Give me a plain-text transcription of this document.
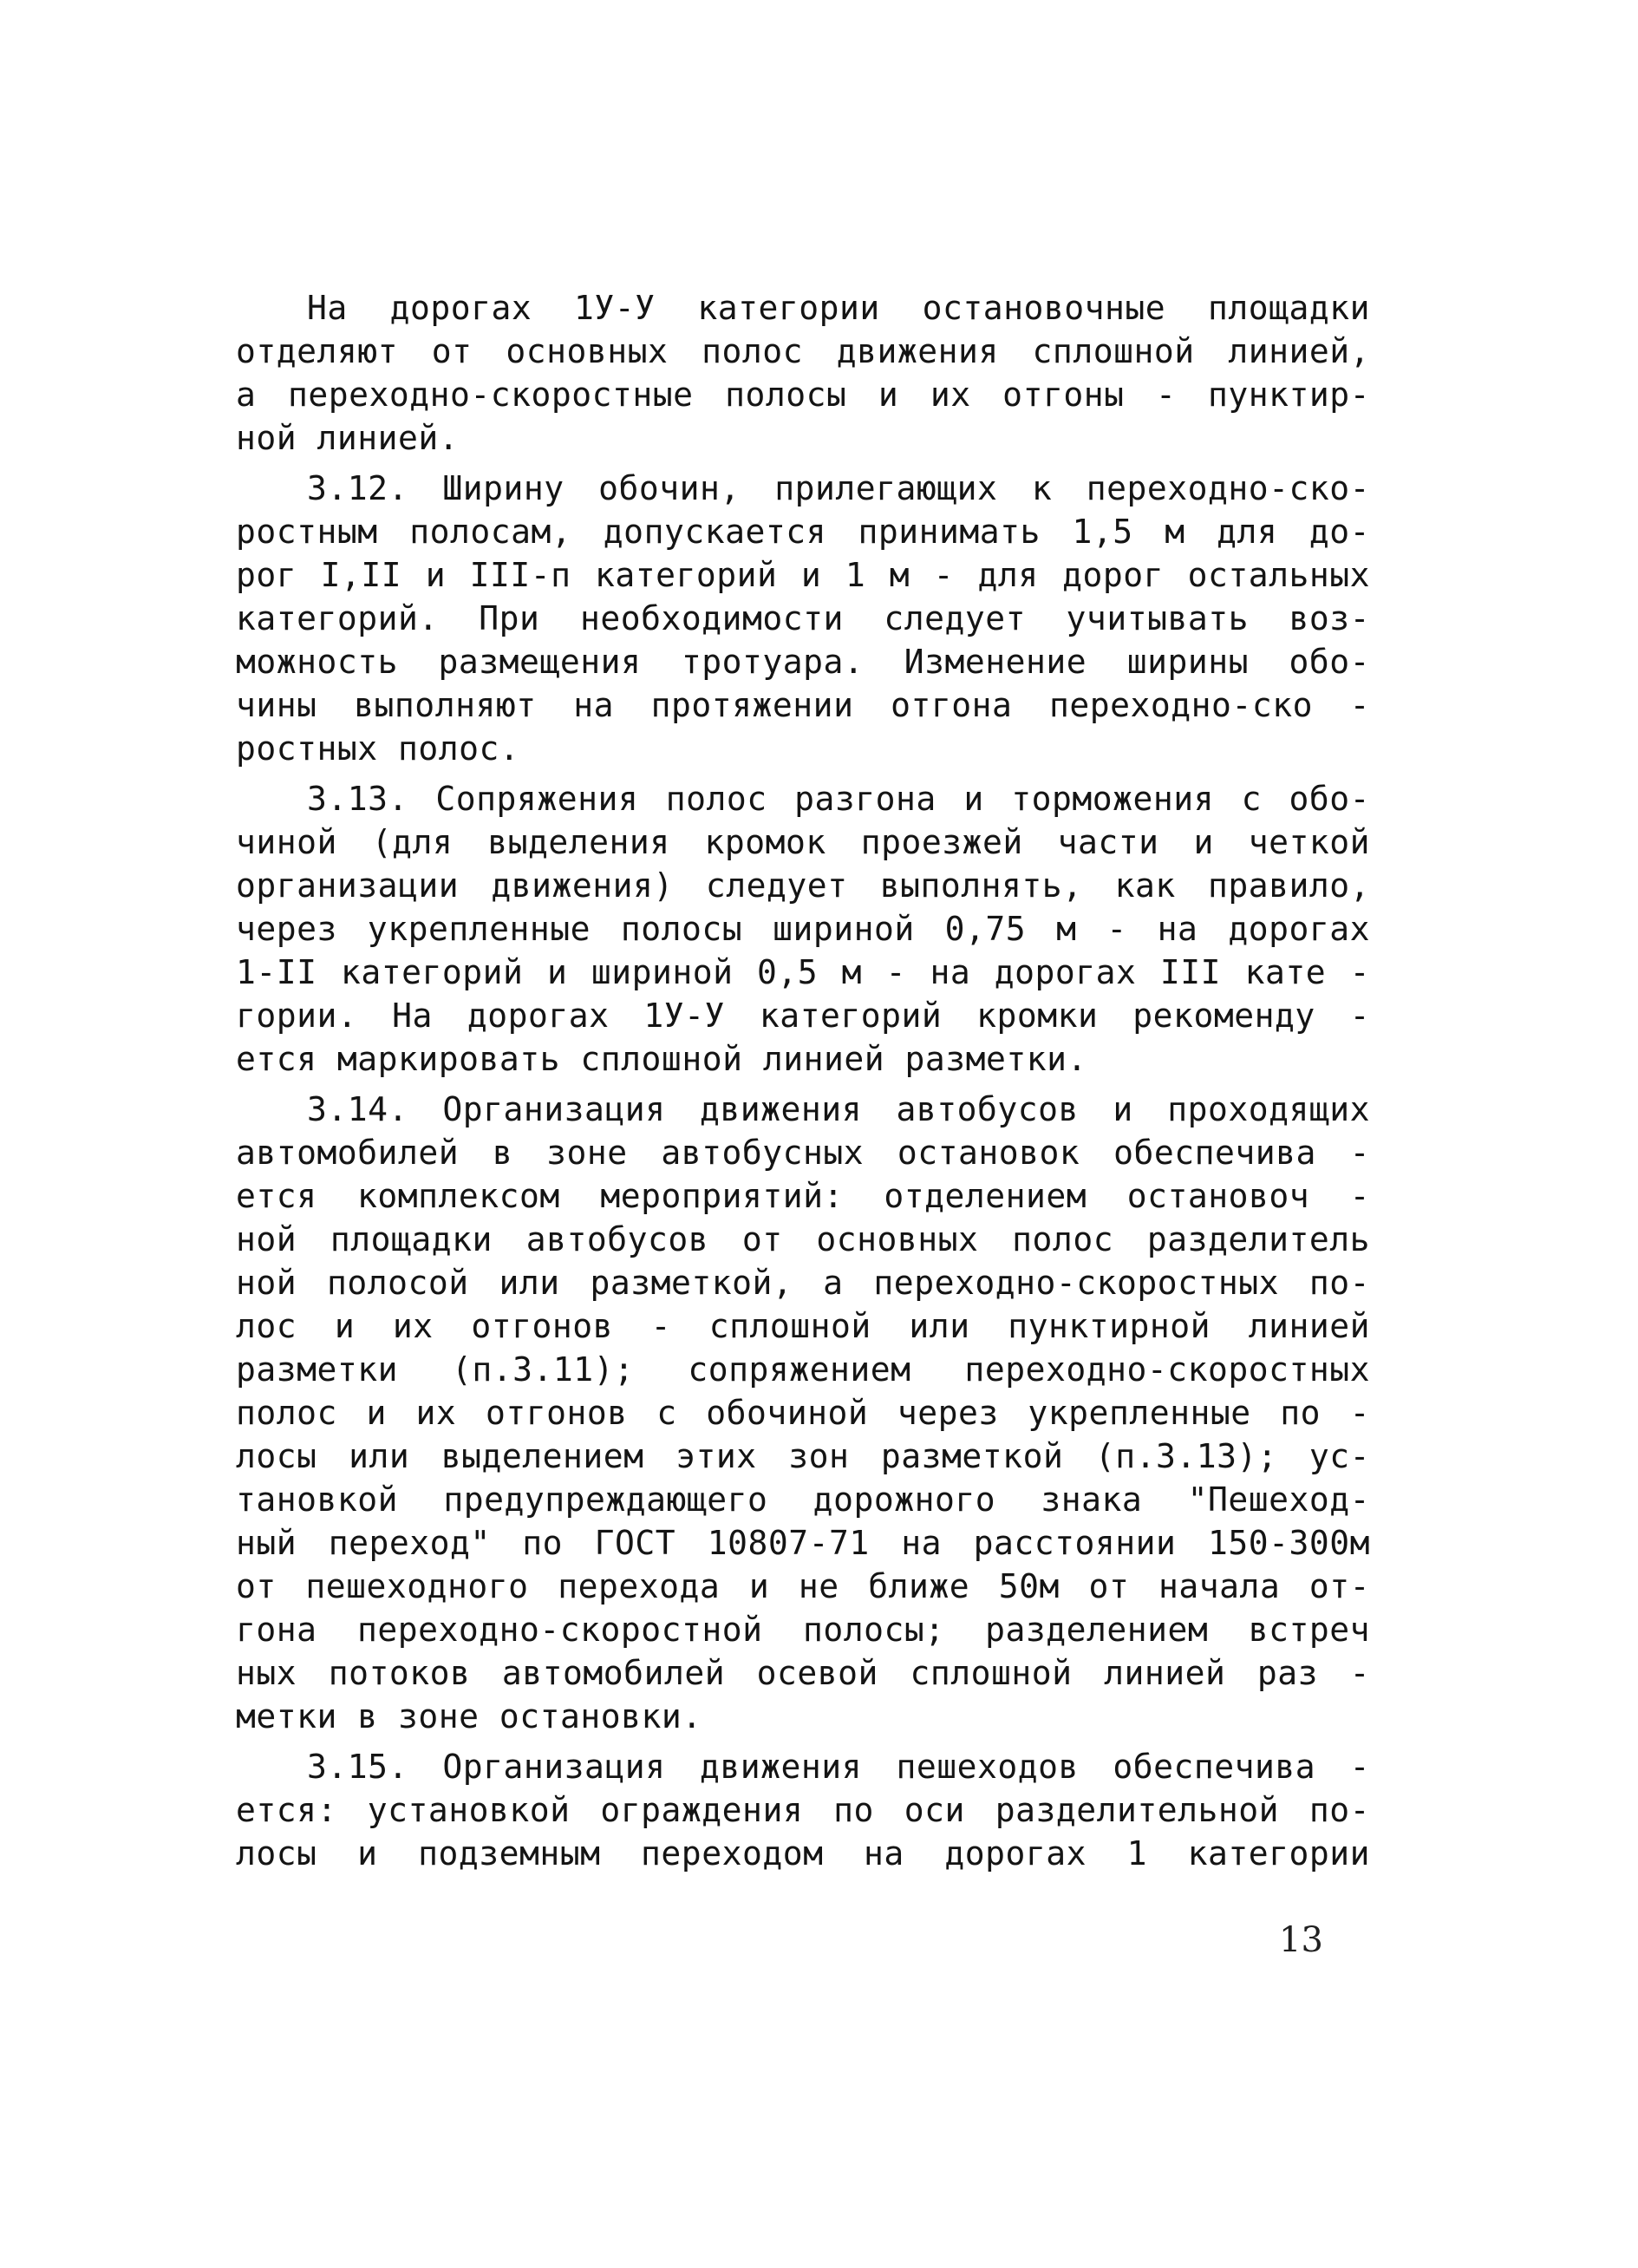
На дорогах 1У-У категории остановочные площадки
отделяют от основных полос движения сплошной линией,
а переходно-скоростные полосы и их отгоны - пунктир-
ной линией.

3.12. Ширину обочин, прилегающих к переходно-ско-
ростным полосам, допускается принимать 1,5 м для до-
рог I,II и III-п категорий и 1 м - для дорог остальных
категорий. При необходимости следует учитывать воз-
можность размещения тротуара. Изменение ширины обо-
чины выполняют на протяжении отгона переходно-ско -
ростных полос.

3.13. Сопряжения полос разгона и торможения с обо-
чиной (для выделения кромок проезжей части и четкой
организации движения) следует выполнять, как правило,
через укрепленные полосы шириной 0,75 м - на дорогах
1-II категорий и шириной 0,5 м - на дорогах III кате -
гории. На дорогах 1У-У категорий кромки рекоменду -
ется маркировать сплошной линией разметки.

3.14. Организация движения автобусов и проходящих
автомобилей в зоне автобусных остановок обеспечива -
ется комплексом мероприятий: отделением остановоч -
ной площадки автобусов от основных полос разделитель
ной полосой или разметкой, а переходно-скоростных по-
лос и их отгонов - сплошной или пунктирной линией
разметки (п.3.11); сопряжением переходно-скоростных
полос и их отгонов с обочиной через укрепленные по -
лосы или выделением этих зон разметкой (п.3.13); ус-
тановкой предупреждающего дорожного знака "Пешеход-
ный переход" по ГОСТ 10807-71 на расстоянии 150-300м
от пешеходного перехода и не ближе 50м от начала от-
гона переходно-скоростной полосы; разделением встреч
ных потоков автомобилей осевой сплошной линией раз -
метки в зоне остановки.

3.15. Организация движения пешеходов обеспечива -
ется: установкой ограждения по оси разделительной по-
лосы и подземным переходом на дорогах 1 категории

13
